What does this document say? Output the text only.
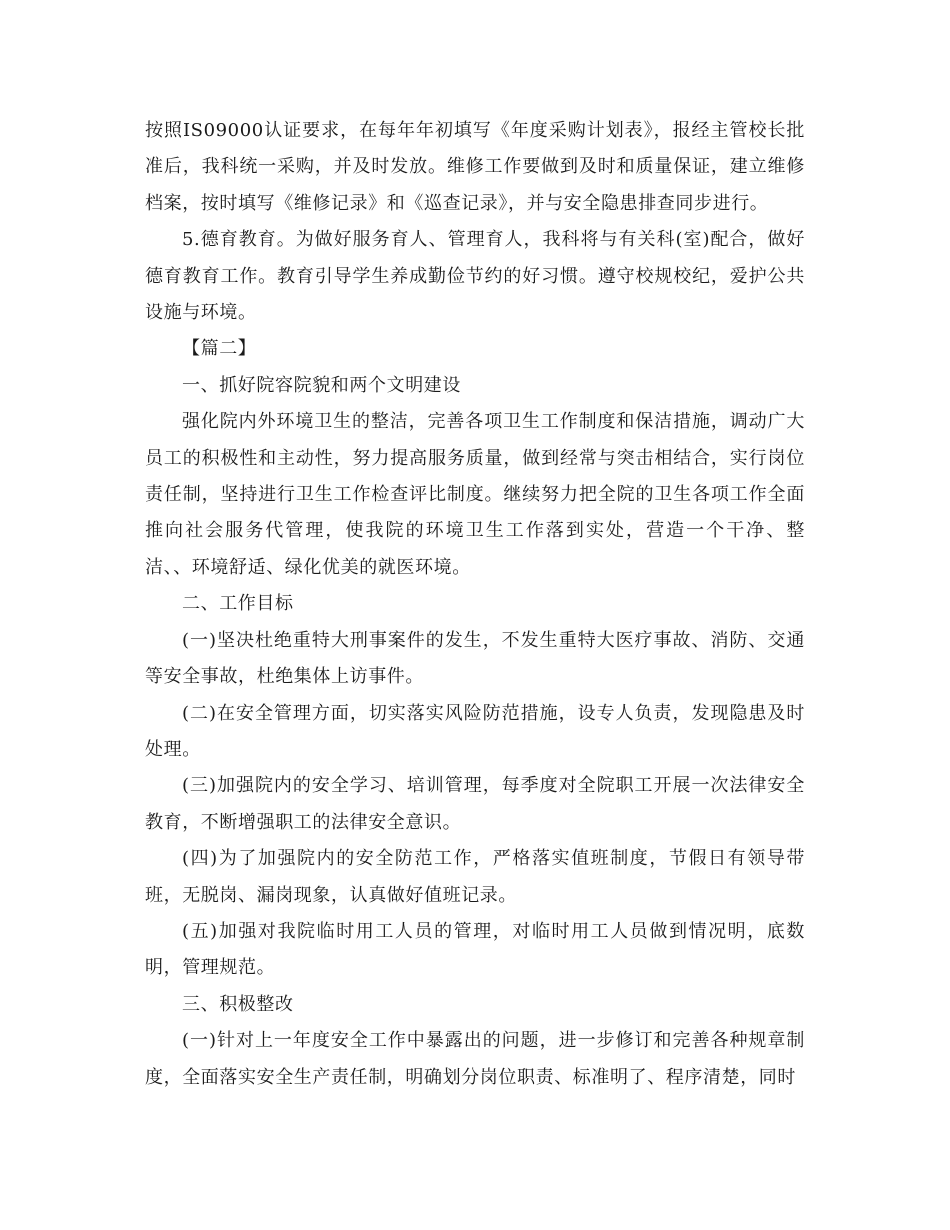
按照IS09000认证要求，在每年年初填写《年度采购计划表》，报经主管校长批准后，我科统一采购，并及时发放。维修工作要做到及时和质量保证，建立维修档案，按时填写《维修记录》和《巡查记录》，并与安全隐患排查同步进行。

5.德育教育。为做好服务育人、管理育人，我科将与有关科(室)配合，做好德育教育工作。教育引导学生养成勤俭节约的好习惯。遵守校规校纪，爱护公共设施与环境。

【篇二】

一、抓好院容院貌和两个文明建设

强化院内外环境卫生的整洁，完善各项卫生工作制度和保洁措施，调动广大员工的积极性和主动性，努力提高服务质量，做到经常与突击相结合，实行岗位责任制，坚持进行卫生工作检查评比制度。继续努力把全院的卫生各项工作全面推向社会服务代管理，使我院的环境卫生工作落到实处，营造一个干净、整洁、、环境舒适、绿化优美的就医环境。

二、工作目标

(一)坚决杜绝重特大刑事案件的发生，不发生重特大医疗事故、消防、交通等安全事故，杜绝集体上访事件。

(二)在安全管理方面，切实落实风险防范措施，设专人负责，发现隐患及时处理。

(三)加强院内的安全学习、培训管理，每季度对全院职工开展一次法律安全教育，不断增强职工的法律安全意识。

(四)为了加强院内的安全防范工作，严格落实值班制度，节假日有领导带班，无脱岗、漏岗现象，认真做好值班记录。

(五)加强对我院临时用工人员的管理，对临时用工人员做到情况明，底数明，管理规范。

三、积极整改

(一)针对上一年度安全工作中暴露出的问题，进一步修订和完善各种规章制度，全面落实安全生产责任制，明确划分岗位职责、标准明了、程序清楚，同时
